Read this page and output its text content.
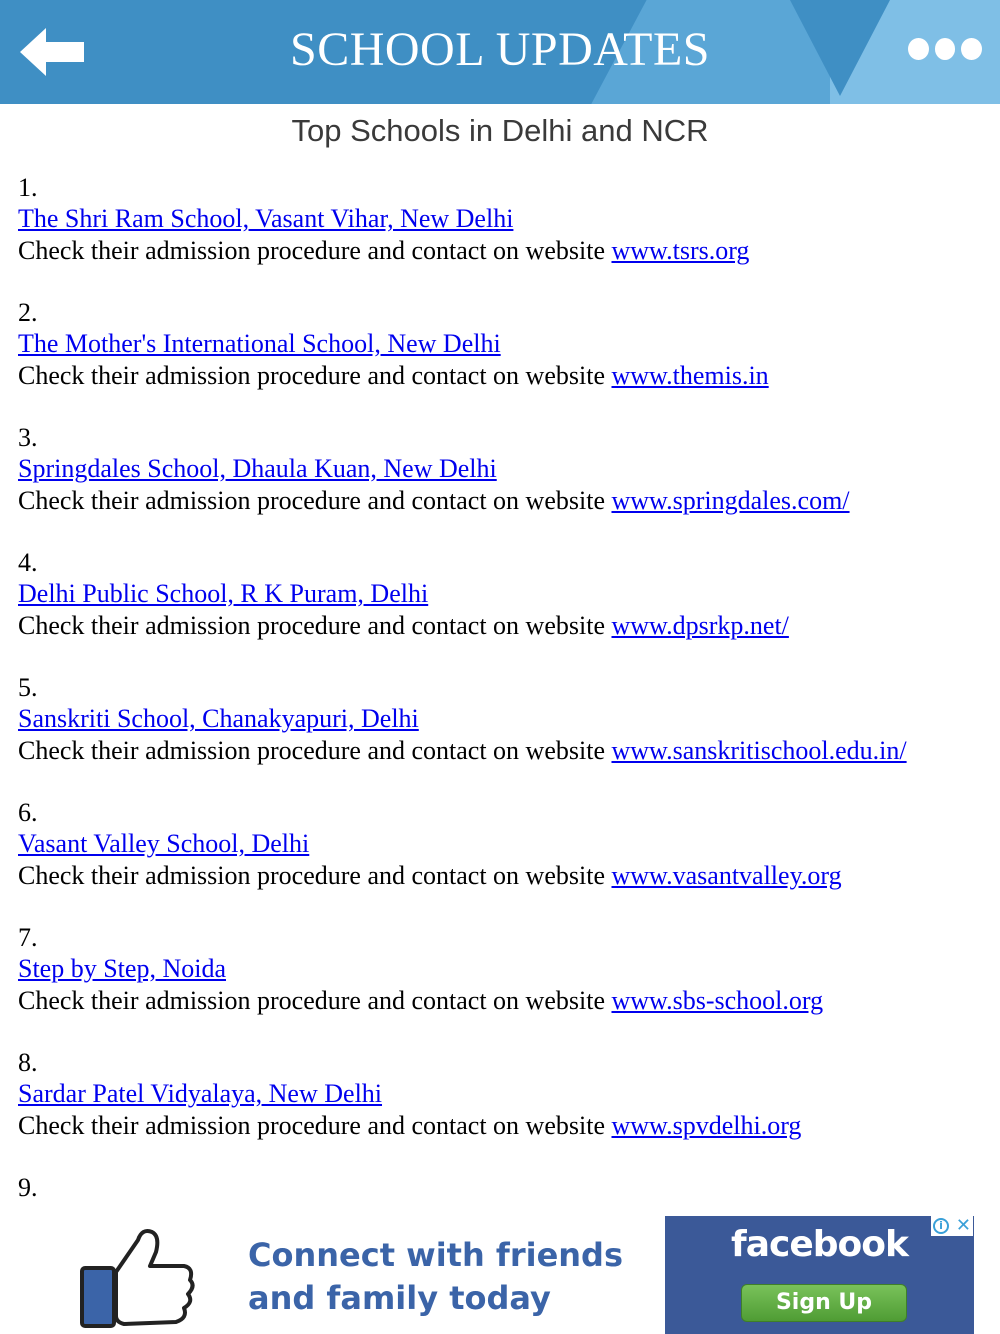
SCHOOL UPDATES
Top Schools in Delhi and NCR
1.
The Shri Ram School, Vasant Vihar, New Delhi
Check their admission procedure and contact on website www.tsrs.org
2.
The Mother's International School, New Delhi
Check their admission procedure and contact on website www.themis.in
3.
Springdales School, Dhaula Kuan, New Delhi
Check their admission procedure and contact on website www.springdales.com/
4.
Delhi Public School, R K Puram, Delhi
Check their admission procedure and contact on website www.dpsrkp.net/
5.
Sanskriti School, Chanakyapuri, Delhi
Check their admission procedure and contact on website www.sanskritischool.edu.in/
6.
Vasant Valley School, Delhi
Check their admission procedure and contact on website www.vasantvalley.org
7.
Step by Step, Noida
Check their admission procedure and contact on website www.sbs-school.org
8.
Sardar Patel Vidyalaya, New Delhi
Check their admission procedure and contact on website www.spvdelhi.org
9.
Connect with friends
and family today
facebook
Sign Up
i ✕
